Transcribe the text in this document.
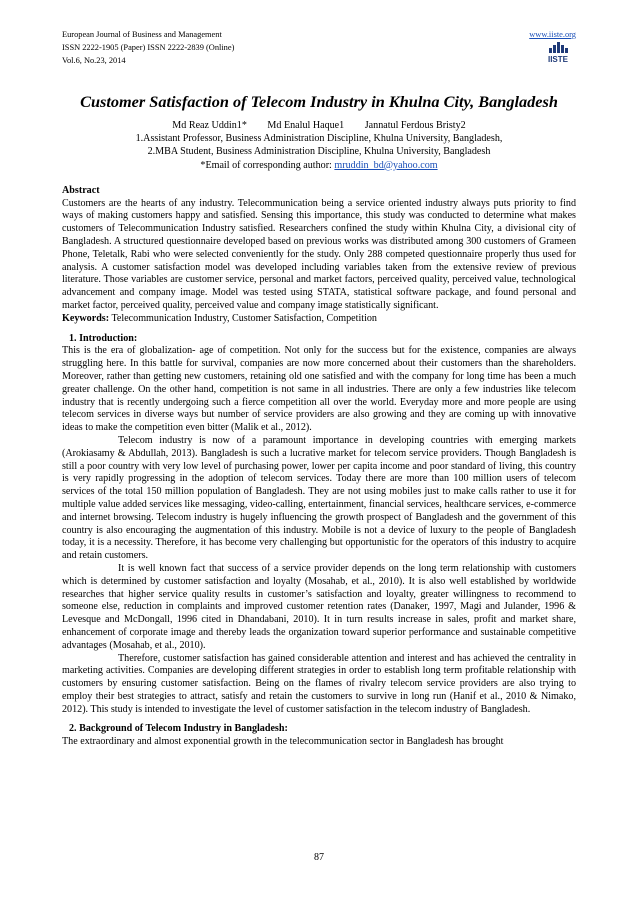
European Journal of Business and Management
ISSN 2222-1905 (Paper) ISSN 2222-2839 (Online)
Vol.6, No.23, 2014
www.iiste.org
IISTE
Customer Satisfaction of Telecom Industry in Khulna City, Bangladesh
Md Reaz Uddin1* Md Enalul Haque1 Jannatul Ferdous Bristy2
1.Assistant Professor, Business Administration Discipline, Khulna University, Bangladesh,
2.MBA Student, Business Administration Discipline, Khulna University, Bangladesh
*Email of corresponding author: mruddin_bd@yahoo.com
Abstract

Customers are the hearts of any industry. Telecommunication being a service oriented industry always puts priority to find ways of making customers happy and satisfied. Sensing this importance, this study was conducted to determine what makes customers of Telecommunication Industry satisfied. Researchers confined the study within Khulna City, a divisional city of Bangladesh. A structured questionnaire developed based on previous works was distributed among 300 customers of Grameen Phone, Teletalk, Rabi who were selected conveniently for the study. Only 288 competed questionnaire properly thus used for analysis. A customer satisfaction model was developed including variables taken from the extensive review of previous literature. Those variables are customer service, personal and market factors, perceived quality, perceived value, technological advancement and company image. Model was tested using STATA, statistical software package, and found personal and market factor, perceived quality, perceived value and company image statistically significant.

Keywords: Telecommunication Industry, Customer Satisfaction, Competition
1. Introduction:

This is the era of globalization- age of competition. Not only for the success but for the existence, companies are always struggling here. In this battle for survival, companies are now more concerned about their customers than the shareholders. Moreover, rather than getting new customers, retaining old one satisfied and with the company for long time has been a much greater challenge. On the other hand, competition is not same in all industries. There are only a few industries like telecom industry that is recently undergoing such a fierce competition all over the world. Everyday more and more people are using telecom services in diverse ways but number of service providers are also growing and they are coming up with innovative ideas to make the competition even bitter (Malik et al., 2012).

Telecom industry is now of a paramount importance in developing countries with emerging markets (Arokiasamy & Abdullah, 2013). Bangladesh is such a lucrative market for telecom service providers. Though Bangladesh is still a poor country with very low level of purchasing power, lower per capita income and poor standard of living, this country is very rapidly progressing in the adoption of telecom services. Today there are more than 100 million users of telecom services of the total 150 million population of Bangladesh. They are not using mobiles just to make calls rather to use it for multiple value added services like messaging, video-calling, entertainment, financial services, healthcare services, e-commerce and internet browsing. Telecom industry is hugely influencing the growth prospect of Bangladesh and the government of this country is also encouraging the augmentation of this industry. Mobile is not a device of luxury to the people of Bangladesh today, it is a necessity. Therefore, it has become very challenging but opportunistic for the operators of this industry to acquire and retain customers.

It is well known fact that success of a service provider depends on the long term relationship with customers which is determined by customer satisfaction and loyalty (Mosahab, et al., 2010). It is also well established by worldwide researches that higher service quality results in customer’s satisfaction and loyalty, greater willingness to recommend to someone else, reduction in complaints and improved customer retention rates (Danaker, 1997, Magi and Julander, 1996 & Levesque and McDongall, 1996 cited in Dhandabani, 2010). It in turn results increase in sales, profit and market share, enhancement of corporate image and thereby leads the organization toward superior performance and sustainable competitive advantages (Mosahab, et al., 2010).

Therefore, customer satisfaction has gained considerable attention and interest and has achieved the centrality in marketing activities. Companies are developing different strategies in order to establish long term profitable relationship with customers by ensuring customer satisfaction. Being on the flames of rivalry telecom service providers are also trying to employ their best strategies to attract, satisfy and retain the customers to survive in long run (Hanif et al., 2010 & Nimako, 2012). This study is intended to investigate the level of customer satisfaction in the telecom industry of Bangladesh.

2. Background of Telecom Industry in Bangladesh:

The extraordinary and almost exponential growth in the telecommunication sector in Bangladesh has brought

87
